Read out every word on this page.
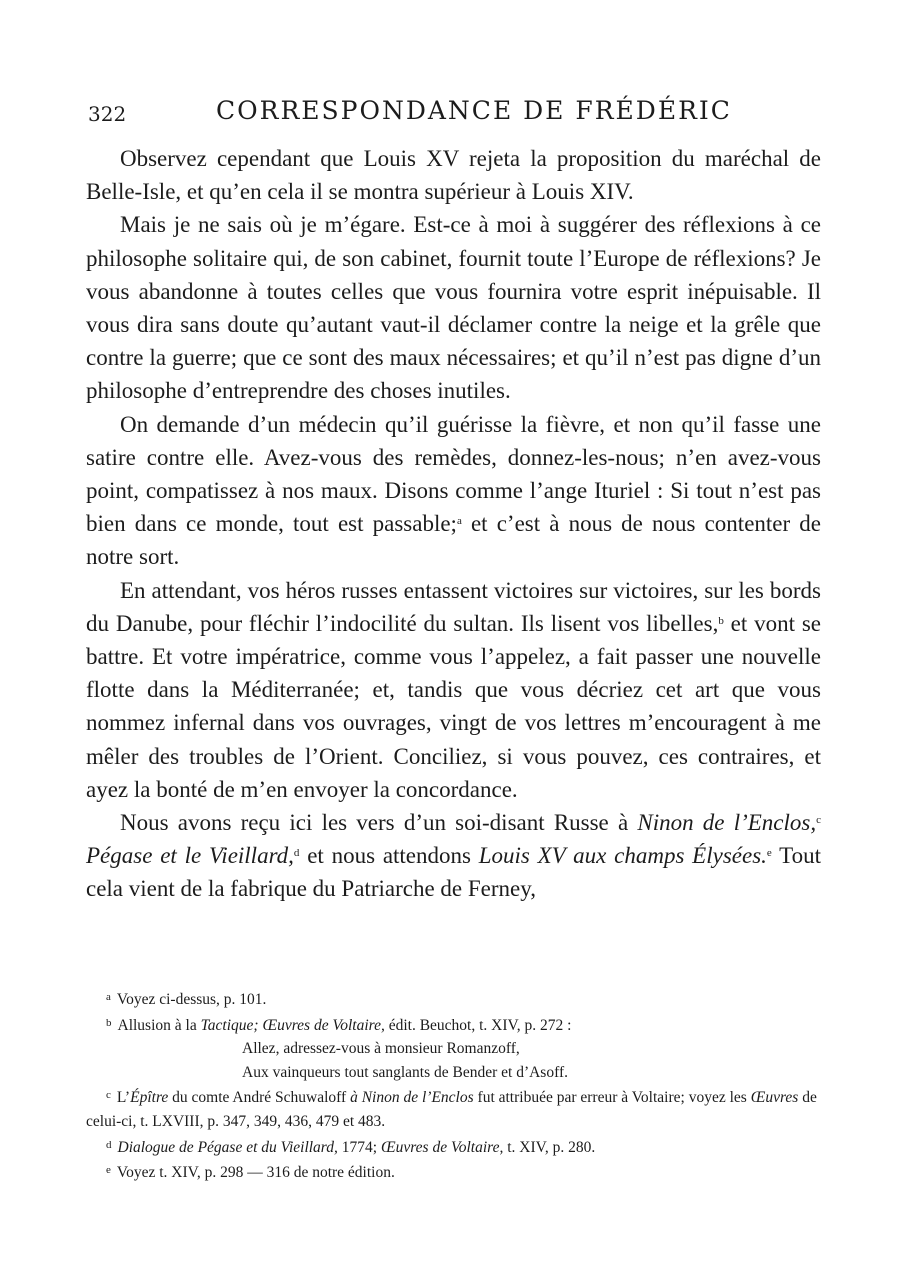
322	CORRESPONDANCE DE FRÉDÉRIC

Observez cependant que Louis XV rejeta la proposition du maréchal de Belle-Isle, et qu’en cela il se montra supérieur à Louis XIV.

Mais je ne sais où je m’égare. Est-ce à moi à suggérer des réflexions à ce philosophe solitaire qui, de son cabinet, fournit toute l’Europe de réflexions? Je vous abandonne à toutes celles que vous fournira votre esprit inépuisable. Il vous dira sans doute qu’autant vaut-il déclamer contre la neige et la grêle que contre la guerre; que ce sont des maux nécessaires; et qu’il n’est pas digne d’un philosophe d’entreprendre des choses inutiles.

On demande d’un médecin qu’il guérisse la fièvre, et non qu’il fasse une satire contre elle. Avez-vous des remèdes, donnez-les-nous; n’en avez-vous point, compatissez à nos maux. Disons comme l’ange Ituriel : Si tout n’est pas bien dans ce monde, tout est passable;$^a$ et c’est à nous de nous contenter de notre sort.

En attendant, vos héros russes entassent victoires sur victoires, sur les bords du Danube, pour fléchir l’indocilité du sultan. Ils lisent vos libelles,$^b$ et vont se battre. Et votre impératrice, comme vous l’appelez, a fait passer une nouvelle flotte dans la Méditerranée; et, tandis que vous décriez cet art que vous nommez infernal dans vos ouvrages, vingt de vos lettres m’encouragent à me mêler des troubles de l’Orient. Conciliez, si vous pouvez, ces contraires, et ayez la bonté de m’en envoyer la concordance.

Nous avons reçu ici les vers d’un soi-disant Russe à Ninon de l’Enclos,$^c$ Pégase et le Vieillard,$^d$ et nous attendons Louis XV aux champs Élysées.$^e$ Tout cela vient de la fabrique du Patriarche de Ferney,

$^a$ Voyez ci-dessus, p. 101.

$^b$ Allusion à la Tactique; Œuvres de Voltaire, édit. Beuchot, t. XIV, p. 272 :

Allez, adressez-vous à monsieur Romanzoff,

Aux vainqueurs tout sanglants de Bender et d’Asoff.

$^c$ L’Épître du comte André Schuwaloff à Ninon de l’Enclos fut attribuée par erreur à Voltaire; voyez les Œuvres de celui-ci, t. LXVIII, p. 347, 349, 436, 479 et 483.

$^d$ Dialogue de Pégase et du Vieillard, 1774; Œuvres de Voltaire, t. XIV, p. 280.

$^e$ Voyez t. XIV, p. 298 — 316 de notre édition.
